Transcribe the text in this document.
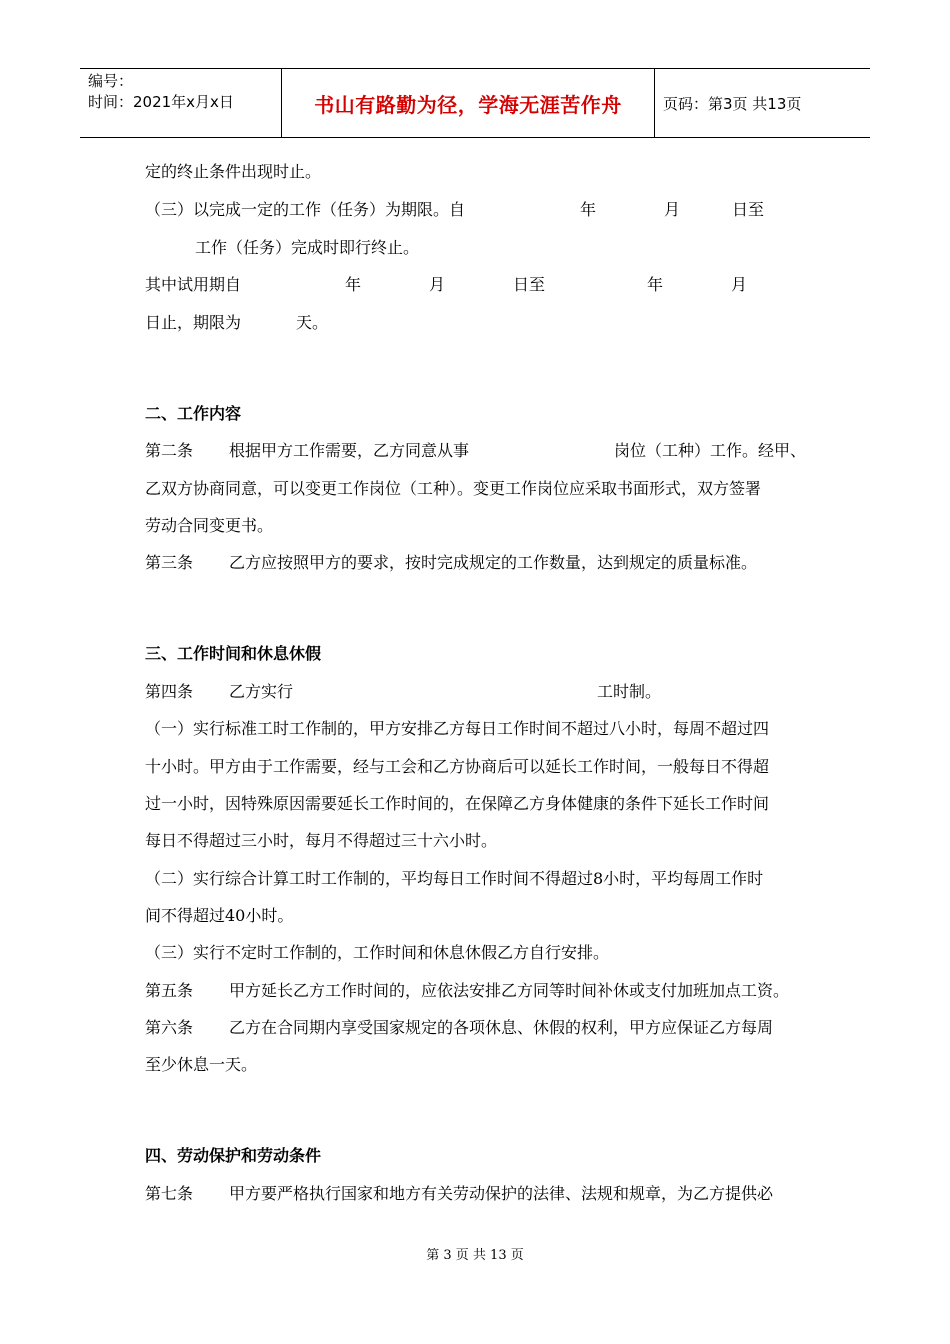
编号：
时间：2021年x月x日	书山有路勤为径，学海无涯苦作舟	页码：第3页 共13页
定的终止条件出现时止。
（三）以完成一定的工作（任务）为期限。自	年	月	日至
工作（任务）完成时即行终止。
其中试用期自	年	月	日至	年	月
日止，期限为	天。
二、工作内容
第二条 根据甲方工作需要，乙方同意从事	岗位（工种）工作。经甲、
乙双方协商同意，可以变更工作岗位（工种）。变更工作岗位应采取书面形式，双方签署
劳动合同变更书。
第三条 乙方应按照甲方的要求，按时完成规定的工作数量，达到规定的质量标准。
三、工作时间和休息休假
第四条 乙方实行	工时制。
（一）实行标准工时工作制的，甲方安排乙方每日工作时间不超过八小时，每周不超过四
十小时。甲方由于工作需要，经与工会和乙方协商后可以延长工作时间，一般每日不得超
过一小时，因特殊原因需要延长工作时间的，在保障乙方身体健康的条件下延长工作时间
每日不得超过三小时，每月不得超过三十六小时。
（二）实行综合计算工时工作制的，平均每日工作时间不得超过8小时，平均每周工作时
间不得超过40小时。
（三）实行不定时工作制的，工作时间和休息休假乙方自行安排。
第五条 甲方延长乙方工作时间的，应依法安排乙方同等时间补休或支付加班加点工资。
第六条 乙方在合同期内享受国家规定的各项休息、休假的权利，甲方应保证乙方每周
至少休息一天。
四、劳动保护和劳动条件
第七条 甲方要严格执行国家和地方有关劳动保护的法律、法规和规章，为乙方提供必
第 3 页 共 13 页
